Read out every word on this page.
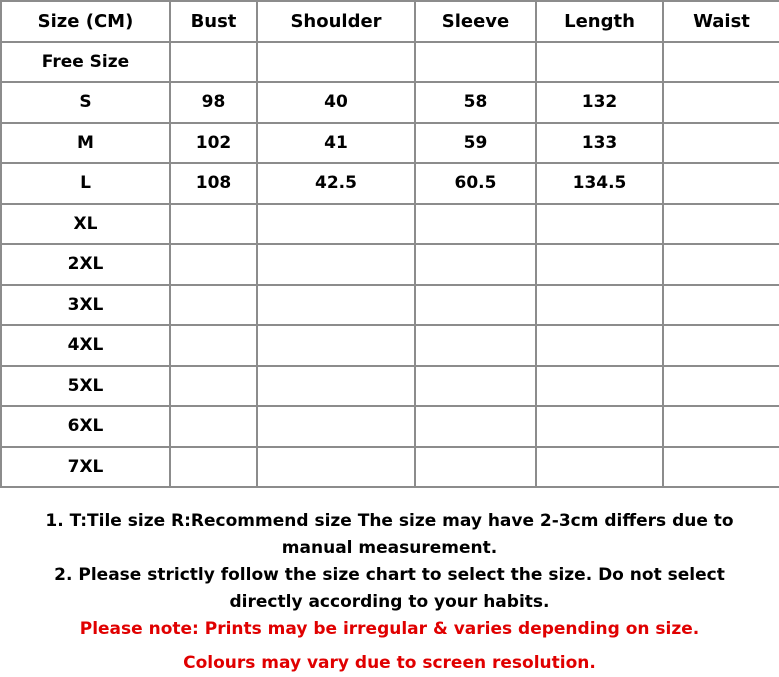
Size (CM)	Bust	Shoulder	Sleeve	Length	Waist
Free Size					
S	98	40	58	132	
M	102	41	59	133	
L	108	42.5	60.5	134.5	
XL					
2XL					
3XL					
4XL					
5XL					
6XL					
7XL					
1. T:Tile size R:Recommend size The size may have 2-3cm differs due to manual measurement.
2. Please strictly follow the size chart to select the size. Do not select directly according to your habits.
Please note: Prints may be irregular & varies depending on size.
Colours may vary due to screen resolution.
